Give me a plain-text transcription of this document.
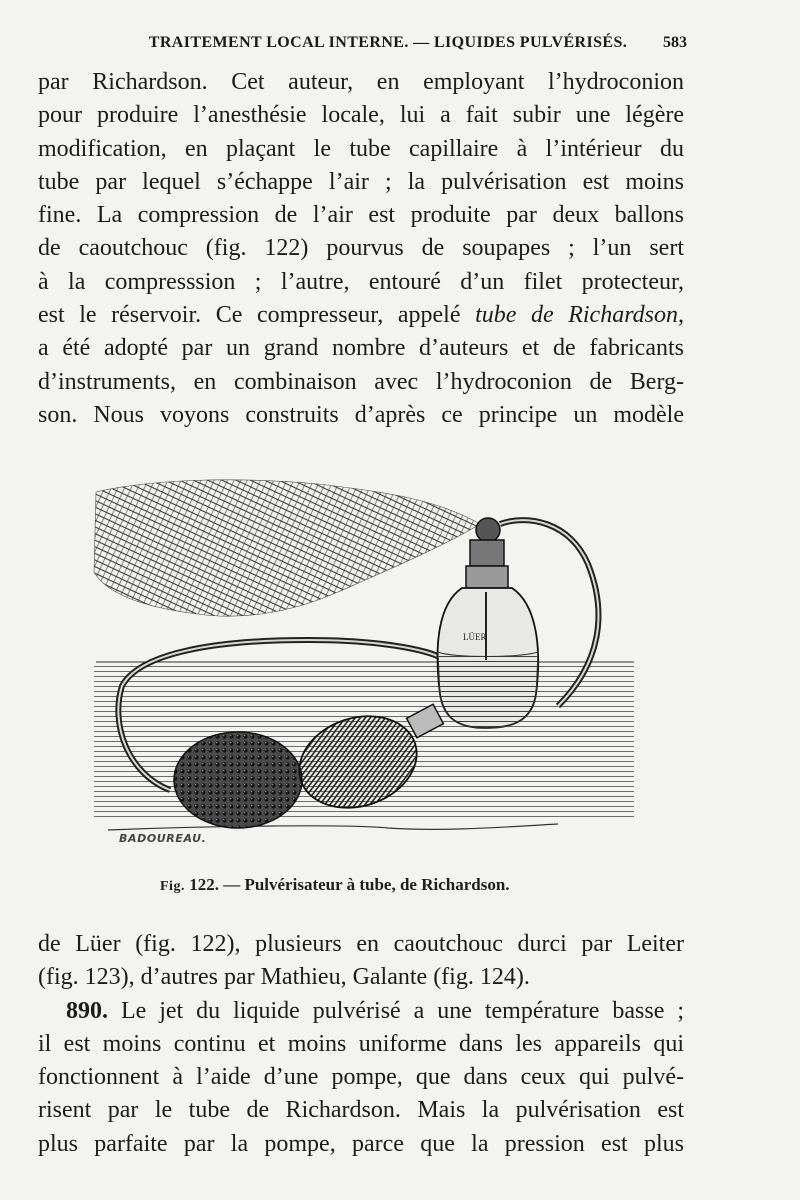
TRAITEMENT LOCAL INTERNE. — LIQUIDES PULVÉRISÉS.	583
par Richardson. Cet auteur, en employant l’hydroconion
pour produire l’anesthésie locale, lui a fait subir une légère
modification, en plaçant le tube capillaire à l’intérieur du
tube par lequel s’échappe l’air ; la pulvérisation est moins
fine. La compression de l’air est produite par deux ballons
de caoutchouc (fig. 122) pourvus de soupapes ; l’un sert
à la compresssion ; l’autre, entouré d’un filet protecteur,
est le réservoir. Ce compresseur, appelé tube de Richardson,
a été adopté par un grand nombre d’auteurs et de fabricants
d’instruments, en combinaison avec l’hydroconion de Berg-
son. Nous voyons construits d’après ce principe un modèle
LÜER
BADOUREAU.
Fig. 122. — Pulvérisateur à tube, de Richardson.
de Lüer (fig. 122), plusieurs en caoutchouc durci par Leiter
(fig. 123), d’autres par Mathieu, Galante (fig. 124).
890. Le jet du liquide pulvérisé a une température basse ;
il est moins continu et moins uniforme dans les appareils qui
fonctionnent à l’aide d’une pompe, que dans ceux qui pulvé-
risent par le tube de Richardson. Mais la pulvérisation est
plus parfaite par la pompe, parce que la pression est plus
